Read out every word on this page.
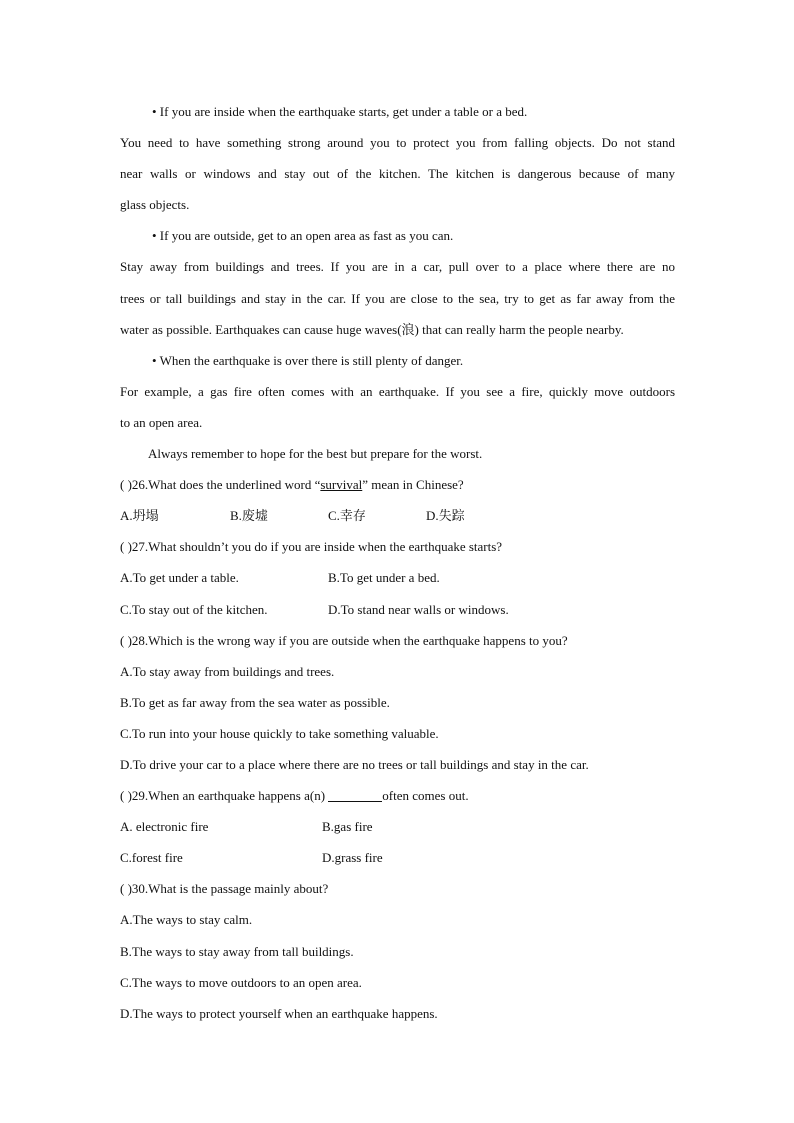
• If you are inside when the earthquake starts, get under a table or a bed.
You need to have something strong around you to protect you from falling objects. Do not stand
near walls or windows and stay out of the kitchen. The kitchen is dangerous because of many
glass objects.
• If you are outside, get to an open area as fast as you can.
Stay away from buildings and trees. If you are in a car, pull over to a place where there are no
trees or tall buildings and stay in the car. If you are close to the sea, try to get as far away from the
water as possible. Earthquakes can cause huge waves(浪) that can really harm the people nearby.
• When the earthquake is over there is still plenty of danger.
For example, a gas fire often comes with an earthquake. If you see a fire, quickly move outdoors
to an open area.
Always remember to hope for the best but prepare for the worst.
( )26.What does the underlined word “survival” mean in Chinese?
A.坍塌	B.废墟	C.幸存	D.失踪
( )27.What shouldn’t you do if you are inside when the earthquake starts?
A.To get under a table.	B.To get under a bed.
C.To stay out of the kitchen.	D.To stand near walls or windows.
( )28.Which is the wrong way if you are outside when the earthquake happens to you?
A.To stay away from buildings and trees.
B.To get as far away from the sea water as possible.
C.To run into your house quickly to take something valuable.
D.To drive your car to a place where there are no trees or tall buildings and stay in the car.
( )29.When an earthquake happens a(n)	often comes out.
A. electronic fire	B.gas fire
C.forest fire	D.grass fire
( )30.What is the passage mainly about?
A.The ways to stay calm.
B.The ways to stay away from tall buildings.
C.The ways to move outdoors to an open area.
D.The ways to protect yourself when an earthquake happens.
